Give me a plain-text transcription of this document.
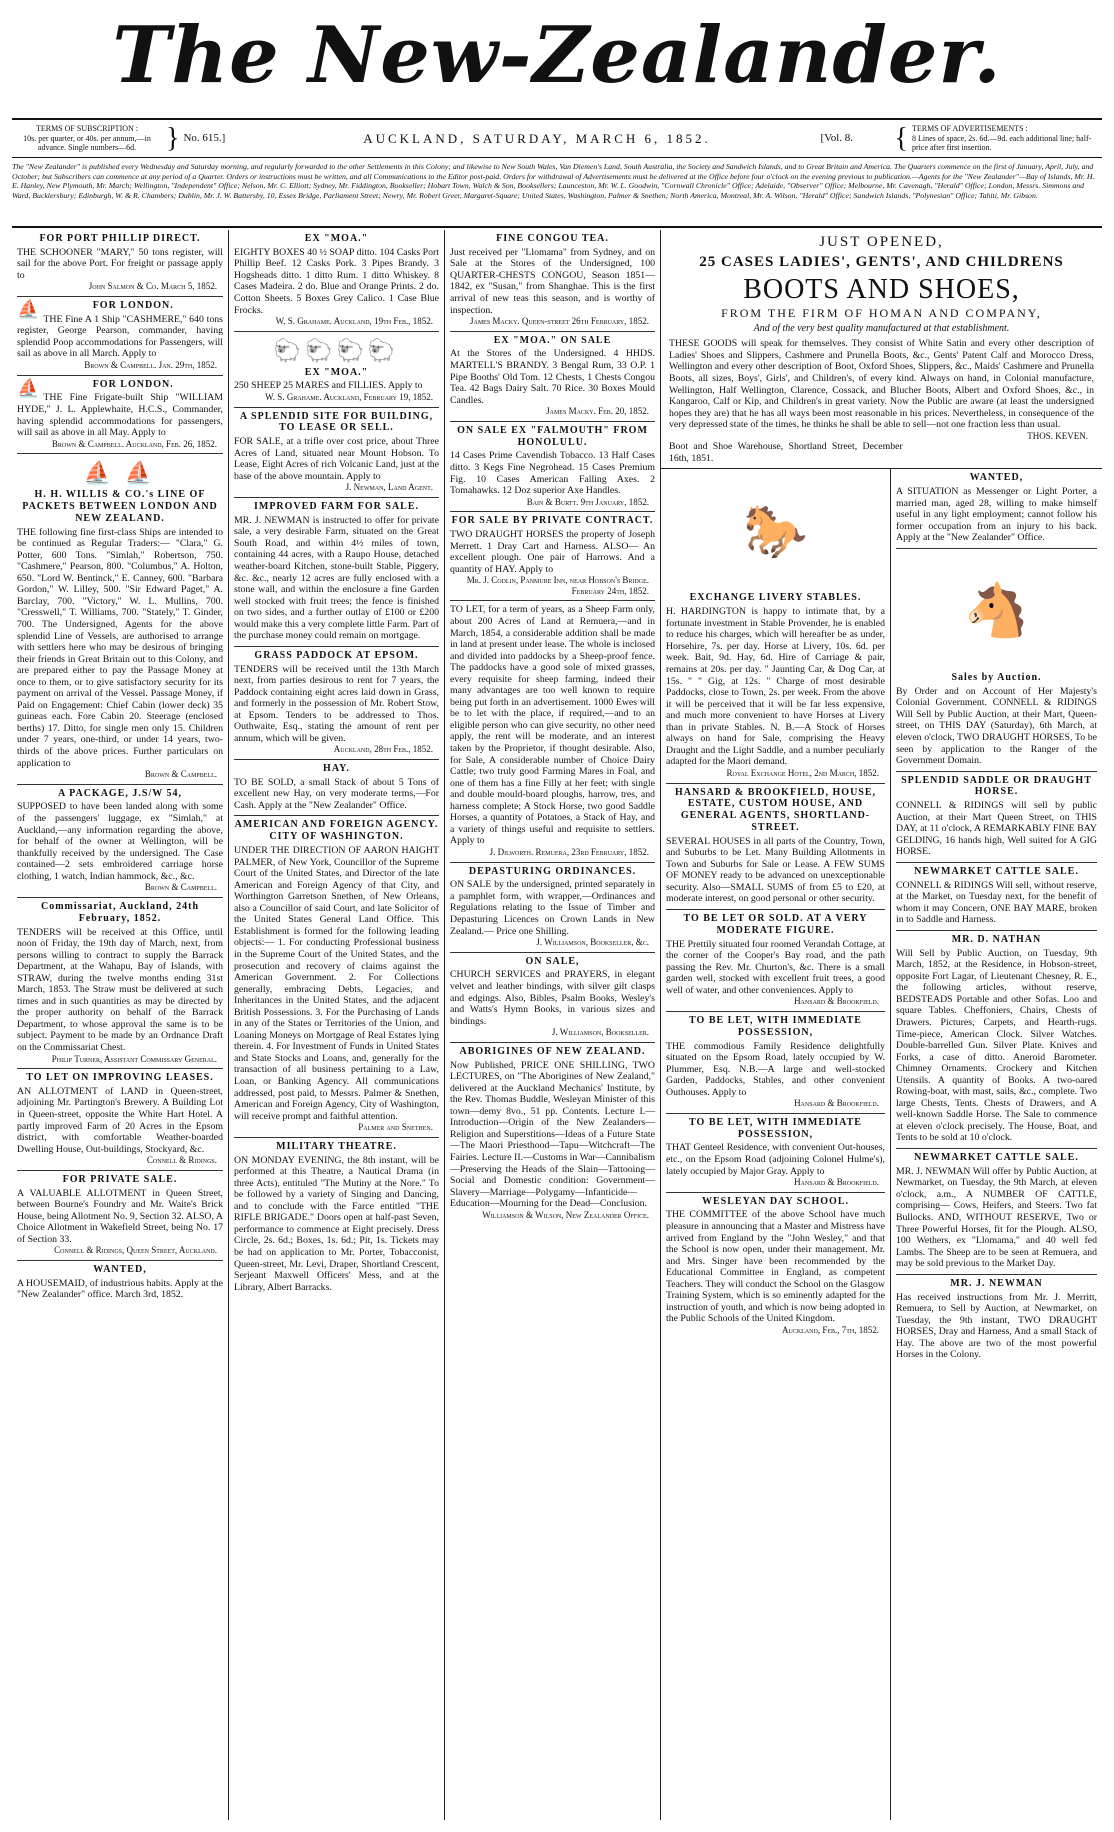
The New-Zealander.
TERMS OF SUBSCRIPTION :
10s. per quarter, or 40s. per annum,—in advance. Single numbers—6d.	} No. 615.]	AUCKLAND, SATURDAY, MARCH 6, 1852.	[Vol. 8.	{ TERMS OF ADVERTISEMENTS :
8 Lines of space, 2s. 6d.—9d. each additional line; half-price after first insertion.
The "New Zealander" is published every Wednesday and Saturday morning, and regularly forwarded to the other Settlements in this Colony; and likewise to New South Wales, Van Diemen's Land, South Australia, the Society and Sandwich Islands, and to Great Britain and America. The Quarters commence on the first of January, April, July, and October; but Subscribers can commence at any period of a Quarter. Orders or instructions must be written, and all Communications to the Editor post-paid. Orders for withdrawal of Advertisements must be delivered at the Office before four o'clock on the evening previous to publication.—Agents for the "New Zealander"—Bay of Islands, Mr. H. E. Hanley, New Plymouth, Mr. March; Wellington, "Independent" Office; Nelson, Mr. C. Elliott; Sydney, Mr. Fiddington, Bookseller; Hobart Town, Walch & Son, Booksellers; Launceston, Mr. W. L. Goodwin, "Cornwall Chronicle" Office; Adelaide, "Observer" Office; Melbourne, Mr. Cavenagh, "Herald" Office; London, Messrs. Simmons and Ward, Bucklersbury; Edinburgh, W. & R. Chambers; Dublin, Mr. J. W. Battersby, 10, Essex Bridge, Parliament Street; Newry, Mr. Robert Greer, Margaret-Square; United States, Washington, Palmer & Snethen; North America, Montreal, Mr. A. Wilson, "Herald" Office; Sandwich Islands, "Polynesian" Office; Tahiti, Mr. Gibson.
FOR PORT PHILLIP DIRECT.
THE SCHOONER "MARY," 50 tons register, will sail for the above Port. For freight or passage apply to
John Salmon & Co. March 5, 1852.
⛵	FOR LONDON.
THE Fine A 1 Ship "CASHMERE," 640 tons register, George Pearson, commander, having splendid Poop accommodations for Passengers, will sail as above in all March. Apply to
Brown & Campbell. Jan. 29th, 1852.
⛵	FOR LONDON.
THE Fine Frigate-built Ship "WILLIAM HYDE," J. L. Applewhaite, H.C.S., Commander, having splendid accommodations for passengers, will sail as above in all May. Apply to
Brown & Campbell. Auckland, Feb. 26, 1852.
⛵ ⛵
H. H. WILLIS & CO.'s LINE OF PACKETS BETWEEN LONDON AND NEW ZEALAND.
THE following fine first-class Ships are intended to be continued as Regular Traders:— "Clara," G. Potter, 600 Tons. "Simlah," Robertson, 750. "Cashmere," Pearson, 800. "Columbus," A. Holton, 650. "Lord W. Bentinck," E. Canney, 600. "Barbara Gordon," W. Lilley, 500. "Sir Edward Paget," A. Barclay, 700. "Victory," W. L. Mullins, 700. "Cresswell," T. Williams, 700. "Stately," T. Ginder, 700. The Undersigned, Agents for the above splendid Line of Vessels, are authorised to arrange with settlers here who may be desirous of bringing their friends in Great Britain out to this Colony, and are prepared either to pay the Passage Money at once to them, or to give satisfactory security for its payment on arrival of the Vessel. Passage Money, if Paid on Engagement: Chief Cabin (lower deck) 35 guineas each. Fore Cabin 20. Steerage (enclosed berths) 17. Ditto, for single men only 15. Children under 7 years, one-third, or under 14 years, two-thirds of the above prices. Further particulars on application to
Brown & Campbell.
A PACKAGE, J.S/W 54,
SUPPOSED to have been landed along with some of the passengers' luggage, ex "Simlah," at Auckland,—any information regarding the above, for behalf of the owner at Wellington, will be thankfully received by the undersigned. The Case contained—2 sets embroidered carriage horse clothing, 1 watch, Indian hammock, &c., &c.
Brown & Campbell.
Commissariat, Auckland, 24th February, 1852.
TENDERS will be received at this Office, until noon of Friday, the 19th day of March, next, from persons willing to contract to supply the Barrack Department, at the Wahapu, Bay of Islands, with STRAW, during the twelve months ending 31st March, 1853. The Straw must be delivered at such times and in such quantities as may be directed by the proper authority on behalf of the Barrack Department, to whose approval the same is to be subject. Payment to be made by an Ordnance Draft on the Commissariat Chest.
Philip Turner, Assistant Commissary General.
TO LET ON IMPROVING LEASES.
AN ALLOTMENT of LAND in Queen-street, adjoining Mr. Partington's Brewery. A Building Lot in Queen-street, opposite the White Hart Hotel. A partly improved Farm of 20 Acres in the Epsom district, with comfortable Weather-boarded Dwelling House, Out-buildings, Stockyard, &c.
Connell & Ridings.
FOR PRIVATE SALE.
A VALUABLE ALLOTMENT in Queen Street, between Bourne's Foundry and Mr. Waite's Brick House, being Allotment No. 9, Section 32. ALSO, A Choice Allotment in Wakefield Street, being No. 17 of Section 33.
Connell & Ridings, Queen Street, Auckland.
WANTED,
A HOUSEMAID, of industrious habits. Apply at the "New Zealander" office. March 3rd, 1852.
EX "MOA."
EIGHTY BOXES 40 ½ SOAP ditto. 104 Casks Port Phillip Beef. 12 Casks Pork. 3 Pipes Brandy. 3 Hogsheads ditto. 1 ditto Rum. 1 ditto Whiskey. 8 Cases Madeira. 2 do. Blue and Orange Prints. 2 do. Cotton Sheets. 5 Boxes Grey Calico. 1 Case Blue Frocks.
W. S. Grahame. Auckland, 19th Feb., 1852.
🐑🐑🐑🐑
EX "MOA."
250 SHEEP 25 MARES and FILLIES. Apply to
W. S. Grahame. Auckland, February 19, 1852.
A SPLENDID SITE FOR BUILDING, TO LEASE OR SELL.
FOR SALE, at a trifle over cost price, about Three Acres of Land, situated near Mount Hobson. To Lease, Eight Acres of rich Volcanic Land, just at the base of the above mountain. Apply to
J. Newman, Land Agent.
IMPROVED FARM FOR SALE.
MR. J. NEWMAN is instructed to offer for private sale, a very desirable Farm, situated on the Great South Road, and within 4½ miles of town, containing 44 acres, with a Raupo House, detached weather-board Kitchen, stone-built Stable, Piggery, &c. &c., nearly 12 acres are fully enclosed with a stone wall, and within the enclosure a fine Garden well stocked with fruit trees; the fence is finished on two sides, and a further outlay of £100 or £200 would make this a very complete little Farm. Part of the purchase money could remain on mortgage.
GRASS PADDOCK AT EPSOM.
TENDERS will be received until the 13th March next, from parties desirous to rent for 7 years, the Paddock containing eight acres laid down in Grass, and formerly in the possession of Mr. Robert Stow, at Epsom. Tenders to be addressed to Thos. Outhwaite, Esq., stating the amount of rent per annum, which will be given.
Auckland, 28th Feb., 1852.
HAY.
TO BE SOLD, a small Stack of about 5 Tons of excellent new Hay, on very moderate terms,—For Cash. Apply at the "New Zealander" Office.
AMERICAN AND FOREIGN AGENCY. CITY OF WASHINGTON.
UNDER THE DIRECTION OF AARON HAIGHT PALMER, of New York, Councillor of the Supreme Court of the United States, and Director of the late American and Foreign Agency of that City, and Worthington Garretson Snethen, of New Orleans, also a Councillor of said Court, and late Solicitor of the United States General Land Office. This Establishment is formed for the following leading objects:— 1. For conducting Professional business in the Supreme Court of the United States, and the prosecution and recovery of claims against the American Government. 2. For Collections generally, embracing Debts, Legacies, and Inheritances in the United States, and the adjacent British Possessions. 3. For the Purchasing of Lands in any of the States or Territories of the Union, and Loaning Moneys on Mortgage of Real Estates lying therein. 4. For Investment of Funds in United States and State Stocks and Loans, and, generally for the transaction of all business pertaining to a Law, Loan, or Banking Agency. All communications addressed, post paid, to Messrs. Palmer & Snethen, American and Foreign Agency, City of Washington, will receive prompt and faithful attention.
Palmer and Snethen.
MILITARY THEATRE.
ON MONDAY EVENING, the 8th instant, will be performed at this Theatre, a Nautical Drama (in three Acts), entituled "The Mutiny at the Nore." To be followed by a variety of Singing and Dancing, and to conclude with the Farce entitled "THE RIFLE BRIGADE." Doors open at half-past Seven, performance to commence at Eight precisely. Dress Circle, 2s. 6d.; Boxes, 1s. 6d.; Pit, 1s. Tickets may be had on application to Mr. Porter, Tobacconist, Queen-street, Mr. Levi, Draper, Shortland Crescent, Serjeant Maxwell Officers' Mess, and at the Library, Albert Barracks.
FINE CONGOU TEA.
Just received per "Llomama" from Sydney, and on Sale at the Stores of the Undersigned, 100 QUARTER-CHESTS CONGOU, Season 1851—1842, ex "Susan," from Shanghae. This is the first arrival of new teas this season, and is worthy of inspection.
James Macky. Queen-street 26th February, 1852.
EX "MOA." ON SALE
At the Stores of the Undersigned. 4 HHDS. MARTELL'S BRANDY. 3 Bengal Rum, 33 O.P. 1 Pipe Booths' Old Tom. 12 Chests, 1 Chests Congou Tea. 42 Bags Dairy Salt. 70 Rice. 30 Boxes Mould Candles.
James Macky. Feb. 20, 1852.
ON SALE EX "FALMOUTH" FROM HONOLULU.
14 Cases Prime Cavendish Tobacco. 13 Half Cases ditto. 3 Kegs Fine Negrohead. 15 Cases Premium Fig. 10 Cases American Falling Axes. 2 Tomahawks. 12 Doz superior Axe Handles.
Bain & Burtt. 9th January, 1852.
FOR SALE BY PRIVATE CONTRACT.
TWO DRAUGHT HORSES the property of Joseph Merrett. 1 Dray Cart and Harness. ALSO— An excellent plough. One pair of Harrows. And a quantity of HAY. Apply to
Mr. J. Codlin, Panmure Inn, near Hobson's Bridge. February 24th, 1852.
TO LET, for a term of years, as a Sheep Farm only, about 200 Acres of Land at Remuera,—and in March, 1854, a considerable addition shall be made in land at present under lease. The whole is inclosed and divided into paddocks by a Sheep-proof fence. The paddocks have a good sole of mixed grasses, every requisite for sheep farming, indeed their many advantages are too well known to require being put forth in an advertisement. 1000 Ewes will be to let with the place, if required,—and to an eligible person who can give security, no other need apply, the rent will be moderate, and an interest taken by the Proprietor, if thought desirable. Also, for Sale, A considerable number of Choice Dairy Cattle; two truly good Farming Mares in Foal, and one of them has a fine Filly at her feet; with single and double mould-board ploughs, harrow, tres, and harness complete; A Stock Horse, two good Saddle Horses, a quantity of Potatoes, a Stack of Hay, and a variety of things useful and requisite to settlers. Apply to
J. Dilworth. Remuera, 23rd February, 1852.
DEPASTURING ORDINANCES.
ON SALE by the undersigned, printed separately in a pamphlet form, with wrapper,—Ordinances and Regulations relating to the Issue of Timber and Depasturing Licences on Crown Lands in New Zealand.— Price one Shilling.
J. Williamson, Bookseller, &c.
ON SALE,
CHURCH SERVICES and PRAYERS, in elegant velvet and leather bindings, with silver gilt clasps and edgings. Also, Bibles, Psalm Books, Wesley's and Watts's Hymn Books, in various sizes and bindings.
J. Williamson, Bookseller.
ABORIGINES OF NEW ZEALAND.
Now Published, PRICE ONE SHILLING, TWO LECTURES, on "The Aborigines of New Zealand," delivered at the Auckland Mechanics' Institute, by the Rev. Thomas Buddle, Wesleyan Minister of this town—demy 8vo., 51 pp. Contents. Lecture I.—Introduction—Origin of the New Zealanders—Religion and Superstitions—Ideas of a Future State—The Maori Priesthood—Tapu—Witchcraft—The Fairies. Lecture II.—Customs in War—Cannibalism—Preserving the Heads of the Slain—Tattooing—Social and Domestic condition: Government—Slavery—Marriage—Polygamy—Infanticide—Education—Mourning for the Dead—Conclusion.
Williamson & Wilson, New Zealander Office.
JUST OPENED,
25 CASES LADIES', GENTS', AND CHILDRENS
BOOTS AND SHOES,
FROM THE FIRM OF HOMAN AND COMPANY,
And of the very best quality manufactured at that establishment.
THESE GOODS will speak for themselves. They consist of White Satin and every other description of Ladies' Shoes and Slippers, Cashmere and Prunella Boots, &c., Gents' Patent Calf and Morocco Dress, Wellington and every other description of Boot, Oxford Shoes, Slippers, &c., Maids' Cashmere and Prunella Boots, all sizes, Boys', Girls', and Children's, of every kind. Always on hand, in Colonial manufacture, Wellington, Half Wellington, Clarence, Cossack, and Blucher Boots, Albert and Oxford Shoes, &c., in Kangaroo, Calf or Kip, and Children's in great variety. Now the Public are aware (at least the undersigned hopes they are) that he has all ways been most reasonable in his prices. Nevertheless, in consequence of the very depressed state of the times, he thinks he shall be able to sell—not one fraction less than usual.
THOS. KEVEN.
Boot and Shoe Warehouse, Shortland Street, December 16th, 1851.
🐎
EXCHANGE LIVERY STABLES.
H. HARDINGTON is happy to intimate that, by a fortunate investment in Stable Provender, he is enabled to reduce his charges, which will hereafter be as under, Horsehire, 7s. per day. Horse at Livery, 10s. 6d. per week. Bait, 9d. Hay, 6d. Hire of Carriage & pair, remains at 20s. per day. " Jaunting Car, & Dog Car, at 15s. " " Gig, at 12s. " Charge of most desirable Paddocks, close to Town, 2s. per week. From the above it will be perceived that it will be far less expensive, and much more convenient to have Horses at Livery than in private Stables. N. B.—A Stock of Horses always on hand for Sale, comprising the Heavy Draught and the Light Saddle, and a number peculiarly adapted for the Maori demand.
Royal Exchange Hotel, 2nd March, 1852.
HANSARD & BROOKFIELD, HOUSE, ESTATE, CUSTOM HOUSE, AND GENERAL AGENTS, SHORTLAND-STREET.
SEVERAL HOUSES in all parts of the Country, Town, and Suburbs to be Let. Many Building Allotments in Town and Suburbs for Sale or Lease. A FEW SUMS OF MONEY ready to be advanced on unexceptionable security. Also—SMALL SUMS of from £5 to £20, at moderate interest, on good personal or other security.
TO BE LET OR SOLD. AT A VERY MODERATE FIGURE.
THE Prettily situated four roomed Verandah Cottage, at the corner of the Cooper's Bay road, and the path passing the Rev. Mr. Churton's, &c. There is a small garden well, stocked with excellent fruit trees, a good well of water, and other conveniences. Apply to
Hansard & Brookfield.
TO BE LET, WITH IMMEDIATE POSSESSION,
THE commodious Family Residence delightfully situated on the Epsom Road, lately occupied by W. Plummer, Esq. N.B.—A large and well-stocked Garden, Paddocks, Stables, and other convenient Outhouses. Apply to
Hansard & Brookfield.
TO BE LET, WITH IMMEDIATE POSSESSION,
THAT Genteel Residence, with convenient Out-houses, etc., on the Epsom Road (adjoining Colonel Hulme's), lately occupied by Major Gray. Apply to
Hansard & Brookfield.
WESLEYAN DAY SCHOOL.
THE COMMITTEE of the above School have much pleasure in announcing that a Master and Mistress have arrived from England by the "John Wesley," and that the School is now open, under their management. Mr. and Mrs. Singer have been recommended by the Educational Committee in England, as competent Teachers. They will conduct the School on the Glasgow Training System, which is so eminently adapted for the instruction of youth, and which is now being adopted in the Public Schools of the United Kingdom.
Auckland, Feb., 7th, 1852.
WANTED,
A SITUATION as Messenger or Light Porter, a married man, aged 28, willing to make himself useful in any light employment; cannot follow his former occupation from an injury to his back. Apply at the "New Zealander" Office.
🐴
Sales by Auction.
By Order and on Account of Her Majesty's Colonial Government. CONNELL & RIDINGS Will Sell by Public Auction, at their Mart, Queen-street, on THIS DAY (Saturday), 6th March, at eleven o'clock, TWO DRAUGHT HORSES, To be seen by application to the Ranger of the Government Domain.
SPLENDID SADDLE OR DRAUGHT HORSE.
CONNELL & RIDINGS will sell by public Auction, at their Mart Queen Street, on THIS DAY, at 11 o'clock, A REMARKABLY FINE BAY GELDING, 16 hands high, Well suited for A GIG HORSE.
NEWMARKET CATTLE SALE.
CONNELL & RIDINGS Will sell, without reserve, at the Market, on Tuesday next, for the benefit of whom it may Concern, ONE BAY MARE, broken in to Saddle and Harness.
MR. D. NATHAN
Will Sell by Public Auction, on Tuesday, 9th March, 1852, at the Residence, in Hobson-street, opposite Fort Lagar, of Lieutenant Chesney, R. E., the following articles, without reserve, BEDSTEADS Portable and other Sofas. Loo and square Tables. Cheffoniers, Chairs, Chests of Drawers. Pictures, Carpets, and Hearth-rugs. Time-piece, American Clock. Silver Watches. Double-barrelled Gun. Silver Plate. Knives and Forks, a case of ditto. Aneroid Barometer. Chimney Ornaments. Crockery and Kitchen Utensils. A quantity of Books. A two-oared Rowing-boat, with mast, sails, &c., complete. Two large Chests, Tents. Chests of Drawers, and A well-known Saddle Horse. The Sale to commence at eleven o'clock precisely. The House, Boat, and Tents to be sold at 10 o'clock.
NEWMARKET CATTLE SALE.
MR. J. NEWMAN Will offer by Public Auction, at Newmarket, on Tuesday, the 9th March, at eleven o'clock, a.m., A NUMBER OF CATTLE, comprising— Cows, Heifers, and Steers. Two fat Bullocks. AND, WITHOUT RESERVE, Two or Three Powerful Horses, fit for the Plough. ALSO, 100 Wethers, ex "Llomama," and 40 well fed Lambs. The Sheep are to be seen at Remuera, and may be sold previous to the Market Day.
MR. J. NEWMAN
Has received instructions from Mr. J. Merritt, Remuera, to Sell by Auction, at Newmarket, on Tuesday, the 9th instant, TWO DRAUGHT HORSES, Dray and Harness, And a small Stack of Hay. The above are two of the most powerful Horses in the Colony.
